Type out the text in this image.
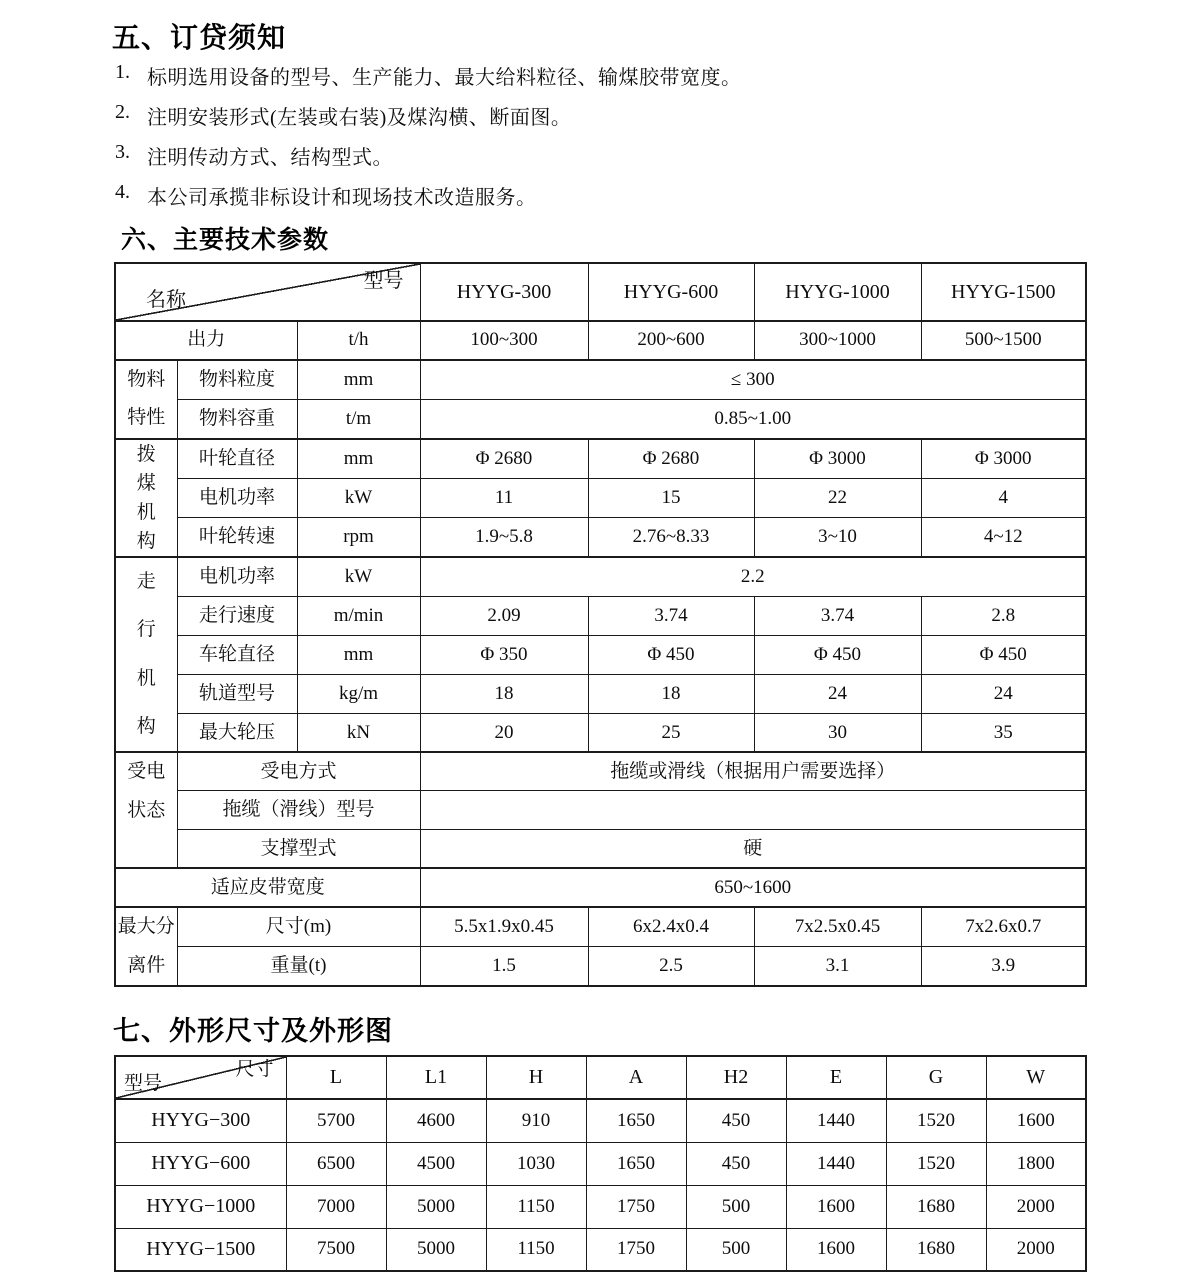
五、订贷须知
1. 标明选用设备的型号、生产能力、最大给料粒径、输煤胶带宽度。
2. 注明安装形式(左装或右装)及煤沟横、断面图。
3. 注明传动方式、结构型式。
4. 本公司承揽非标设计和现场技术改造服务。
六、主要技术参数
型号
名称			HYYG-300	HYYG-600	HYYG-1000	HYYG-1500
出力		t/h	100~300	200~600	300~1000	500~1500

物料
特性	物料粒度	mm	≤ 300			
	物料容重	t/m	0.85~1.00			

拨
煤
机
构	叶轮直径	mm	Φ 2680	Φ 2680	Φ 3000	Φ 3000
	电机功率	kW	11	15	22	4
	叶轮转速	rpm	1.9~5.8	2.76~8.33	3~10	4~12

走
行
机
构	电机功率	kW	2.2			
	走行速度	m/min	2.09	3.74	3.74	2.8
	车轮直径	mm	Φ 350	Φ 450	Φ 450	Φ 450
	轨道型号	kg/m	18	18	24	24
	最大轮压	kN	20	25	30	35

受电
状态	受电方式		拖缆或滑线（根据用户需要选择）			
	拖缆（滑线）型号					
	支撑型式		硬			
适应皮带宽度			650~1600			

最大分
离件	尺寸(m)		5.5x1.9x0.45	6x2.4x0.4	7x2.5x0.45	7x2.6x0.7
	重量(t)		1.5	2.5	3.1	3.9
七、外形尺寸及外形图
尺寸
型号	L	L1	H	A	H2	E	G	W
HYYG−300	5700	4600	910	1650	450	1440	1520	1600
HYYG−600	6500	4500	1030	1650	450	1440	1520	1800
HYYG−1000	7000	5000	1150	1750	500	1600	1680	2000
HYYG−1500	7500	5000	1150	1750	500	1600	1680	2000
